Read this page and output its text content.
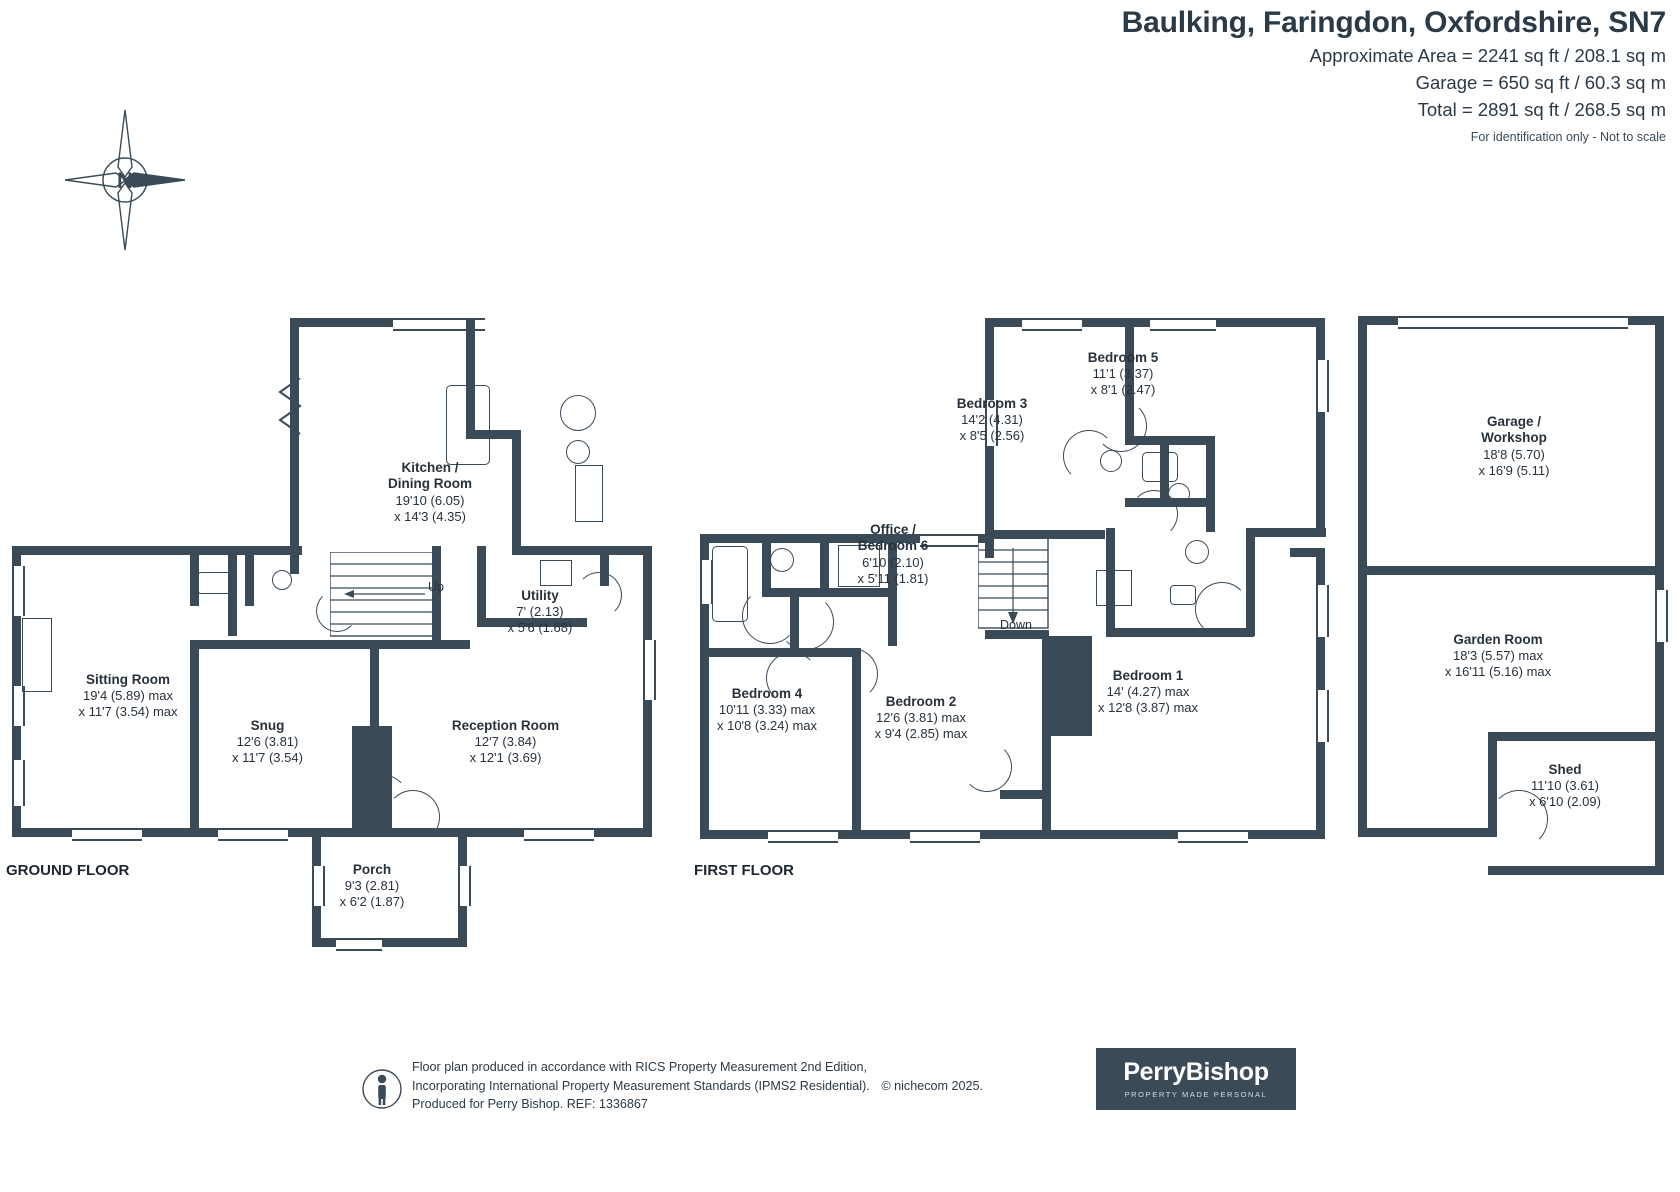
Baulking, Faringdon, Oxfordshire, SN7
Approximate Area = 2241 sq ft / 208.1 sq m
Garage = 650 sq ft / 60.3 sq m
Total = 2891 sq ft / 268.5 sq m
For identification only - Not to scale
N
Up
Kitchen /
Dining Room
19'10 (6.05)
x 14'3 (4.35)
Utility
7' (2.13)
x 5'6 (1.68)
Sitting Room
19'4 (5.89) max
x 11'7 (3.54) max
Snug
12'6 (3.81)
x 11'7 (3.54)
Reception Room
12'7 (3.84)
x 12'1 (3.69)
Porch
9'3 (2.81)
x 6'2 (1.87)
GROUND FLOOR
Down
Bedroom 5
11'1 (3.37)
x 8'1 (2.47)
Bedroom 3
14'2 (4.31)
x 8'5 (2.56)
Office /
Bedroom 6
6'10 (2.10)
x 5'11 (1.81)
Bedroom 4
10'11 (3.33) max
x 10'8 (3.24) max
Bedroom 2
12'6 (3.81) max
x 9'4 (2.85) max
Bedroom 1
14' (4.27) max
x 12'8 (3.87) max
FIRST FLOOR
Garage /
Workshop
18'8 (5.70)
x 16'9 (5.11)
Garden Room
18'3 (5.57) max
x 16'11 (5.16) max
Shed
11'10 (3.61)
x 6'10 (2.09)
Floor plan produced in accordance with RICS Property Measurement 2nd Edition,
Incorporating International Property Measurement Standards (IPMS2 Residential). © nichecom 2025.
Produced for Perry Bishop. REF: 1336867
PerryBishop
PROPERTY MADE PERSONAL
